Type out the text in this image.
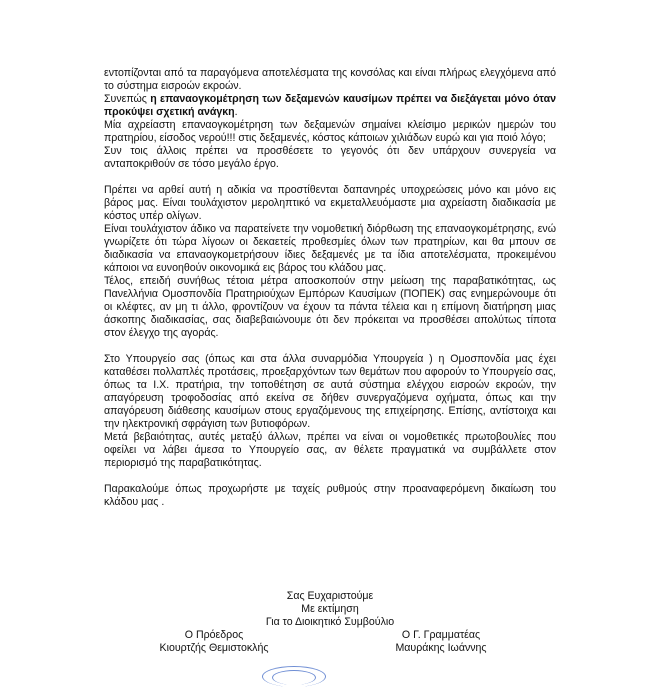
εντοπίζονται από τα παραγόμενα αποτελέσματα της κονσόλας και είναι πλήρως ελεγχόμενα από το σύστημα εισροών εκροών.

Συνεπώς η επαναογκομέτρηση των δεξαμενών καυσίμων πρέπει να διεξάγεται μόνο όταν προκύψει σχετική ανάγκη.

Μία αχρείαστη επαναογκομέτρηση των δεξαμενών σημαίνει κλείσιμο μερικών ημερών του πρατηρίου, είσοδος νερού!!! στις δεξαμενές, κόστος κάποιων χιλιάδων ευρώ και για ποιό λόγο;

Συν τοις άλλοις πρέπει να προσθέσετε το γεγονός ότι δεν υπάρχουν συνεργεία να ανταποκριθούν σε τόσο μεγάλο έργο.

Πρέπει να αρθεί αυτή η αδικία να προστίθενται δαπανηρές υποχρεώσεις μόνο και μόνο εις βάρος μας. Είναι τουλάχιστον μεροληπτικό να εκμεταλλευόμαστε μια αχρείαστη διαδικασία με κόστος υπέρ ολίγων.

Είναι τουλάχιστον άδικο να παρατείνετε την νομοθετική διόρθωση της επαναογκομέτρησης, ενώ γνωρίζετε ότι τώρα λίγοων οι δεκαετείς προθεσμίες όλων των πρατηρίων, και θα μπουν σε διαδικασία να επαναογκομετρήσουν ίδιες δεξαμενές με τα ίδια αποτελέσματα, προκειμένου κάποιοι να ευνοηθούν οικονομικά εις βάρος του κλάδου μας.

Τέλος, επειδή συνήθως τέτοια μέτρα αποσκοπούν στην μείωση της παραβατικότητας, ως Πανελλήνια Ομοσπονδία Πρατηριούχων Εμπόρων Καυσίμων (ΠΟΠΕΚ) σας ενημερώνουμε ότι οι κλέφτες, αν μη τι άλλο, φροντίζουν να έχουν τα πάντα τέλεια και η επίμονη διατήρηση μιας άσκοπης διαδικασίας, σας διαβεβαιώνουμε ότι δεν πρόκειται να προσθέσει απολύτως τίποτα στον έλεγχο της αγοράς.

Στο Υπουργείο σας (όπως και στα άλλα συναρμόδια Υπουργεία ) η Ομοσπονδία μας έχει καταθέσει πολλαπλές προτάσεις, προεξαρχόντων των θεμάτων που αφορούν το Υπουργείο σας, όπως τα Ι.Χ. πρατήρια, την τοποθέτηση σε αυτά σύστημα ελέγχου εισροών εκροών, την απαγόρευση τροφοδοσίας από εκείνα σε δήθεν συνεργαζόμενα οχήματα, όπως και την απαγόρευση διάθεσης καυσίμων στους εργαζόμενους της επιχείρησης. Επίσης, αντίστοιχα και την ηλεκτρονική σφράγιση των βυτιοφόρων.

Μετά βεβαιότητας, αυτές μεταξύ άλλων, πρέπει να είναι οι νομοθετικές πρωτοβουλίες που οφείλει να λάβει άμεσα το Υπουργείο σας, αν θέλετε πραγματικά να συμβάλλετε στον περιορισμό της παραβατικότητας.

Παρακαλούμε όπως προχωρήστε με ταχείς ρυθμούς στην προαναφερόμενη δικαίωση του κλάδου μας .

Σας Ευχαριστούμε

Με εκτίμηση

Για το Διοικητικό Συμβούλιο

Ο Πρόεδρος
Κιουρτζής Θεμιστοκλής
Ο Γ. Γραμματέας
Μαυράκης Ιωάννης
